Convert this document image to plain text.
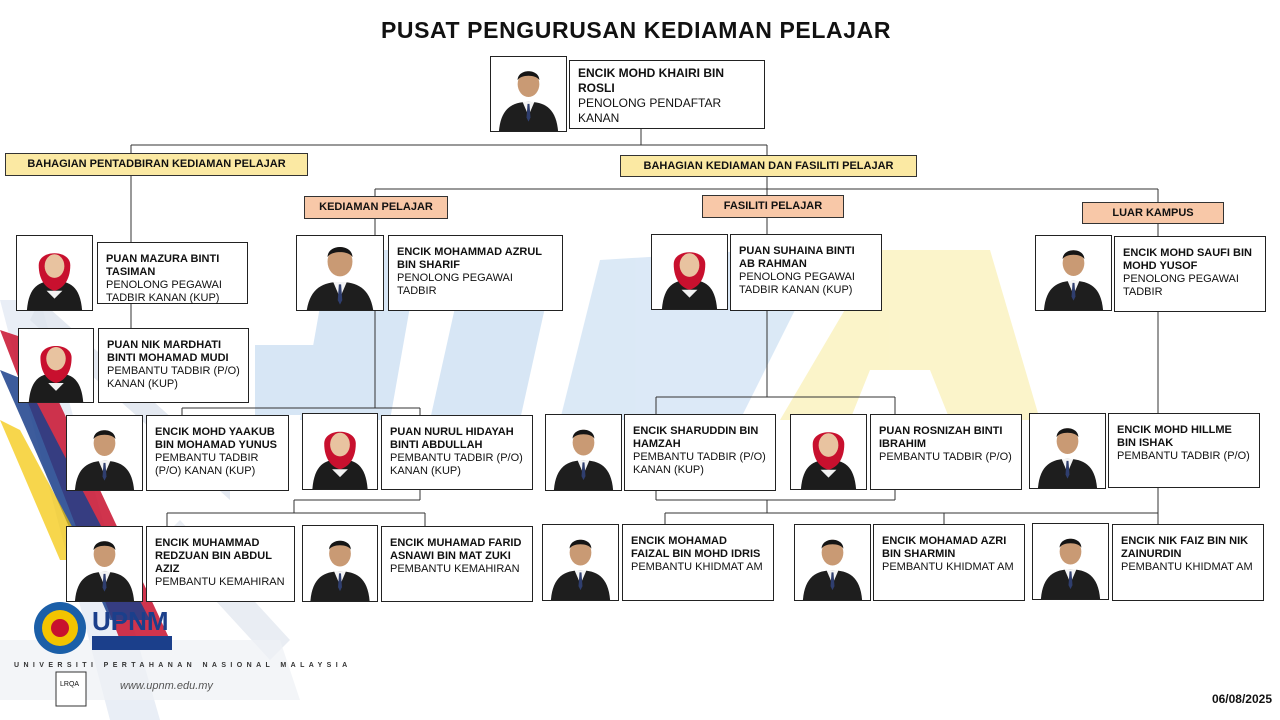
PUSAT PENGURUSAN KEDIAMAN PELAJAR
BAHAGIAN PENTADBIRAN KEDIAMAN PELAJAR	BAHAGIAN KEDIAMAN DAN FASILITI PELAJAR
KEDIAMAN PELAJAR	FASILITI PELAJAR
LUAR KAMPUS
ENCIK MOHD KHAIRI BIN ROSLI
PENOLONG PENDAFTAR KANAN
PUAN MAZURA BINTI TASIMAN
PENOLONG PEGAWAI TADBIR KANAN (KUP)
PUAN NIK MARDHATI BINTI MOHAMAD MUDI
PEMBANTU TADBIR (P/O) KANAN (KUP)
ENCIK MOHAMMAD AZRUL BIN SHARIF
PENOLONG PEGAWAI TADBIR
PUAN SUHAINA BINTI AB RAHMAN
PENOLONG PEGAWAI TADBIR KANAN (KUP)
ENCIK MOHD SAUFI BIN MOHD YUSOF
PENOLONG PEGAWAI TADBIR
ENCIK MOHD YAAKUB BIN MOHAMAD YUNUS
PEMBANTU TADBIR (P/O) KANAN (KUP)
PUAN NURUL HIDAYAH BINTI ABDULLAH
PEMBANTU TADBIR (P/O) KANAN (KUP)
ENCIK SHARUDDIN BIN HAMZAH
PEMBANTU TADBIR (P/O) KANAN (KUP)
PUAN ROSNIZAH BINTI IBRAHIM
PEMBANTU TADBIR (P/O)
ENCIK MOHD HILLME BIN ISHAK
PEMBANTU TADBIR (P/O)
ENCIK MUHAMMAD REDZUAN BIN ABDUL AZIZ
PEMBANTU KEMAHIRAN
ENCIK MUHAMAD FARID ASNAWI BIN MAT ZUKI
PEMBANTU KEMAHIRAN
ENCIK MOHAMAD FAIZAL BIN MOHD IDRIS
PEMBANTU KHIDMAT AM
ENCIK MOHAMAD AZRI BIN SHARMIN
PEMBANTU KHIDMAT AM
ENCIK NIK FAIZ BIN NIK ZAINURDIN
PEMBANTU KHIDMAT AM
UPNM
LRQA
UNIVERSITI PERTAHANAN NASIONAL MALAYSIA
www.upnm.edu.my
06/08/2025
